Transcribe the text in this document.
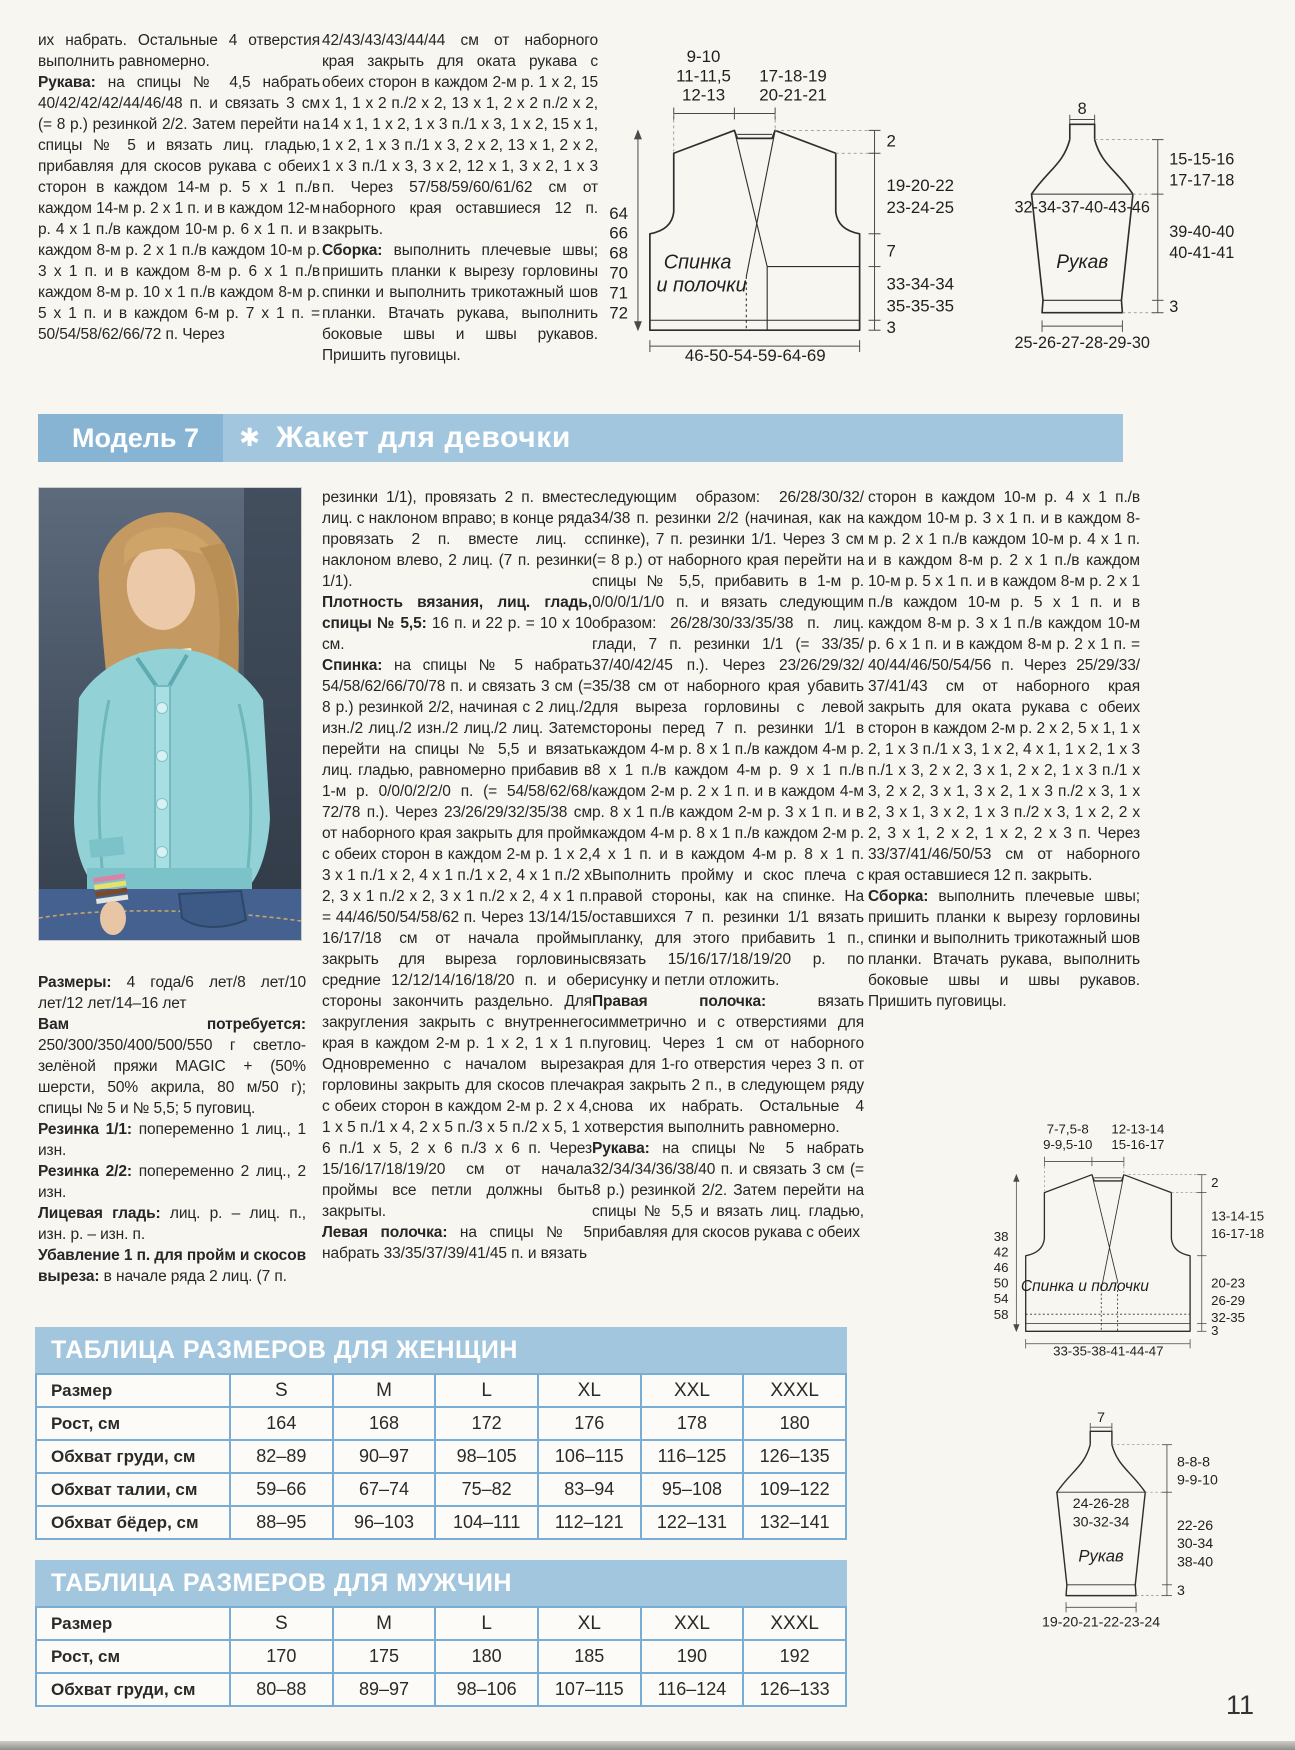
их набрать. Остальные 4 отверстия выполнить равномерно.

Рукава: на спицы № 4,5 набрать 40/42/42/42/44/46/48 п. и связать 3 см (= 8 р.) резинкой 2/2. Затем перейти на спицы № 5 и вязать лиц. гладью, прибавляя для скосов рукава с обеих сторон в каждом 14-м р. 5 х 1 п./в каждом 14-м р. 2 х 1 п. и в каждом 12-м р. 4 х 1 п./в каждом 10-м р. 6 х 1 п. и в каждом 8-м р. 2 х 1 п./в каждом 10-м р. 3 х 1 п. и в каждом 8-м р. 6 х 1 п./в каждом 8-м р. 10 х 1 п./в каждом 8-м р. 5 х 1 п. и в каждом 6-м р. 7 х 1 п. = 50/54/58/62/66/72 п. Через

42/43/43/43/44/44 см от наборного края закрыть для оката рукава с обеих сторон в каждом 2-м р. 1 х 2, 15 х 1, 1 х 2 п./2 х 2, 13 х 1, 2 х 2 п./2 х 2, 14 х 1, 1 х 2, 1 х 3 п./1 х 3, 1 х 2, 15 х 1, 1 х 2, 1 х 3 п./1 х 3, 2 х 2, 13 х 1, 2 х 2, 1 х 3 п./1 х 3, 3 х 2, 12 х 1, 3 х 2, 1 х 3 п. Через 57/58/59/60/61/62 см от наборного края оставшиеся 12 п. закрыть.

Сборка: выполнить плечевые швы; пришить планки к вырезу горловины спинки и выполнить трикотажный шов планки. Втачать рукава, выполнить боковые швы и швы рукавов. Пришить пуговицы.

9-10
11-11,5
12-13
17-18-19
20-21-21
64
66
68
70
71
72
2
19-20-22
23-24-25
7
33-34-34
35-35-35
3
46-50-54-59-64-69
Спинка
и полочки
8
15-15-16
17-17-18
32-34-37-40-43-46
Рукав
39-40-40
40-41-41
3
25-26-27-28-29-30
Модель 7 ✱ Жакет для девочки

Размеры: 4 года/6 лет/8 лет/10 лет/12 лет/14–16 лет

Вам потребуется: 250/300/350/400/500/550 г светло-зелёной пряжи MAGIC + (50% шерсти, 50% акрила, 80 м/50 г); спицы № 5 и № 5,5; 5 пуговиц.

Резинка 1/1: попеременно 1 лиц., 1 изн.

Резинка 2/2: попеременно 2 лиц., 2 изн.

Лицевая гладь: лиц. р. – лиц. п., изн. р. – изн. п.

Убавление 1 п. для пройм и скосов выреза: в начале ряда 2 лиц. (7 п.

резинки 1/1), провязать 2 п. вместе лиц. с наклоном вправо; в конце ряда провязать 2 п. вместе лиц. с наклоном влево, 2 лиц. (7 п. резинки 1/1).

Плотность вязания, лиц. гладь, спицы № 5,5: 16 п. и 22 р. = 10 х 10 см.

Спинка: на спицы № 5 набрать 54/58/62/66/70/78 п. и связать 3 см (= 8 р.) резинкой 2/2, начиная с 2 лиц./2 изн./2 лиц./2 изн./2 лиц./2 лиц. Затем перейти на спицы № 5,5 и вязать лиц. гладью, равномерно прибавив в 1-м р. 0/0/0/2/2/0 п. (= 54/58/62/68/ 72/78 п.). Через 23/26/29/32/35/38 см от наборного края закрыть для пройм с обеих сторон в каждом 2-м р. 1 х 2, 3 х 1 п./1 х 2, 4 х 1 п./1 х 2, 4 х 1 п./2 х 2, 3 х 1 п./2 х 2, 3 х 1 п./2 х 2, 4 х 1 п. = 44/46/50/54/58/62 п. Через 13/14/15/ 16/17/18 см от начала проймы закрыть для выреза горловины средние 12/12/14/16/18/20 п. и обе стороны закончить раздельно. Для закругления закрыть с внутреннего края в каждом 2-м р. 1 х 2, 1 х 1 п. Одновременно с началом выреза горловины закрыть для скосов плеча с обеих сторон в каждом 2-м р. 2 х 4, 1 х 5 п./1 х 4, 2 х 5 п./3 х 5 п./2 х 5, 1 х 6 п./1 х 5, 2 х 6 п./3 х 6 п. Через 15/16/17/18/19/20 см от начала проймы все петли должны быть закрыты.

Левая полочка: на спицы № 5 набрать 33/35/37/39/41/45 п. и вязать

следующим образом: 26/28/30/32/ 34/38 п. резинки 2/2 (начиная, как на спинке), 7 п. резинки 1/1. Через 3 см (= 8 р.) от наборного края перейти на спицы № 5,5, прибавить в 1-м р. 0/0/0/1/1/0 п. и вязать следующим образом: 26/28/30/33/35/38 п. лиц. глади, 7 п. резинки 1/1 (= 33/35/ 37/40/42/45 п.). Через 23/26/29/32/ 35/38 см от наборного края убавить для выреза горловины с левой стороны перед 7 п. резинки 1/1 в каждом 4-м р. 8 х 1 п./в каждом 4-м р. 8 х 1 п./в каждом 4-м р. 9 х 1 п./в каждом 2-м р. 2 х 1 п. и в каждом 4-м р. 8 х 1 п./в каждом 2-м р. 3 х 1 п. и в каждом 4-м р. 8 х 1 п./в каждом 2-м р. 4 х 1 п. и в каждом 4-м р. 8 х 1 п. Выполнить пройму и скос плеча с правой стороны, как на спинке. На оставшихся 7 п. резинки 1/1 вязать планку, для этого прибавить 1 п., связать 15/16/17/18/19/20 р. по рисунку и петли отложить.

Правая полочка: вязать симметрично и с отверстиями для пуговиц. Через 1 см от наборного края для 1-го отверстия через 3 п. от края закрыть 2 п., в следующем ряду снова их набрать. Остальные 4 отверстия выполнить равномерно.

Рукава: на спицы № 5 набрать 32/34/34/36/38/40 п. и связать 3 см (= 8 р.) резинкой 2/2. Затем перейти на спицы № 5,5 и вязать лиц. гладью, прибавляя для скосов рукава с обеих

сторон в каждом 10-м р. 4 х 1 п./в каждом 10-м р. 3 х 1 п. и в каждом 8-м р. 2 х 1 п./в каждом 10-м р. 4 х 1 п. и в каждом 8-м р. 2 х 1 п./в каждом 10-м р. 5 х 1 п. и в каждом 8-м р. 2 х 1 п./в каждом 10-м р. 5 х 1 п. и в каждом 8-м р. 3 х 1 п./в каждом 10-м р. 6 х 1 п. и в каждом 8-м р. 2 х 1 п. = 40/44/46/50/54/56 п. Через 25/29/33/ 37/41/43 см от наборного края закрыть для оката рукава с обеих сторон в каждом 2-м р. 2 х 2, 5 х 1, 1 х 2, 1 х 3 п./1 х 3, 1 х 2, 4 х 1, 1 х 2, 1 х 3 п./1 х 3, 2 х 2, 3 х 1, 2 х 2, 1 х 3 п./1 х 3, 2 х 2, 3 х 1, 3 х 2, 1 х 3 п./2 х 3, 1 х 2, 3 х 1, 3 х 2, 1 х 3 п./2 х 3, 1 х 2, 2 х 2, 3 х 1, 2 х 2, 1 х 2, 2 х 3 п. Через 33/37/41/46/50/53 см от наборного края оставшиеся 12 п. закрыть.

Сборка: выполнить плечевые швы; пришить планки к вырезу горловины спинки и выполнить трикотажный шов планки. Втачать рукава, выполнить боковые швы и швы рукавов. Пришить пуговицы.

7-7,5-8
9-9,5-10
12-13-14
15-16-17
38
42
46
50
54
58
2
13-14-15
16-17-18
20-23
26-29
32-35
3
33-35-38-41-44-47
Спинка и полочки
7
8-8-8
9-9-10
24-26-28
30-32-34
Рукав
22-26
30-34
38-40
3
19-20-21-22-23-24
ТАБЛИЦА РАЗМЕРОВ ДЛЯ ЖЕНЩИН
Размер	S	M	L	XL	XXL	XXXL
Рост, см	164	168	172	176	178	180
Обхват груди, см	82–89	90–97	98–105	106–115	116–125	126–135
Обхват талии, см	59–66	67–74	75–82	83–94	95–108	109–122
Обхват бёдер, см	88–95	96–103	104–111	112–121	122–131	132–141
ТАБЛИЦА РАЗМЕРОВ ДЛЯ МУЖЧИН
Размер	S	M	L	XL	XXL	XXXL
Рост, см	170	175	180	185	190	192
Обхват груди, см	80–88	89–97	98–106	107–115	116–124	126–133
11
